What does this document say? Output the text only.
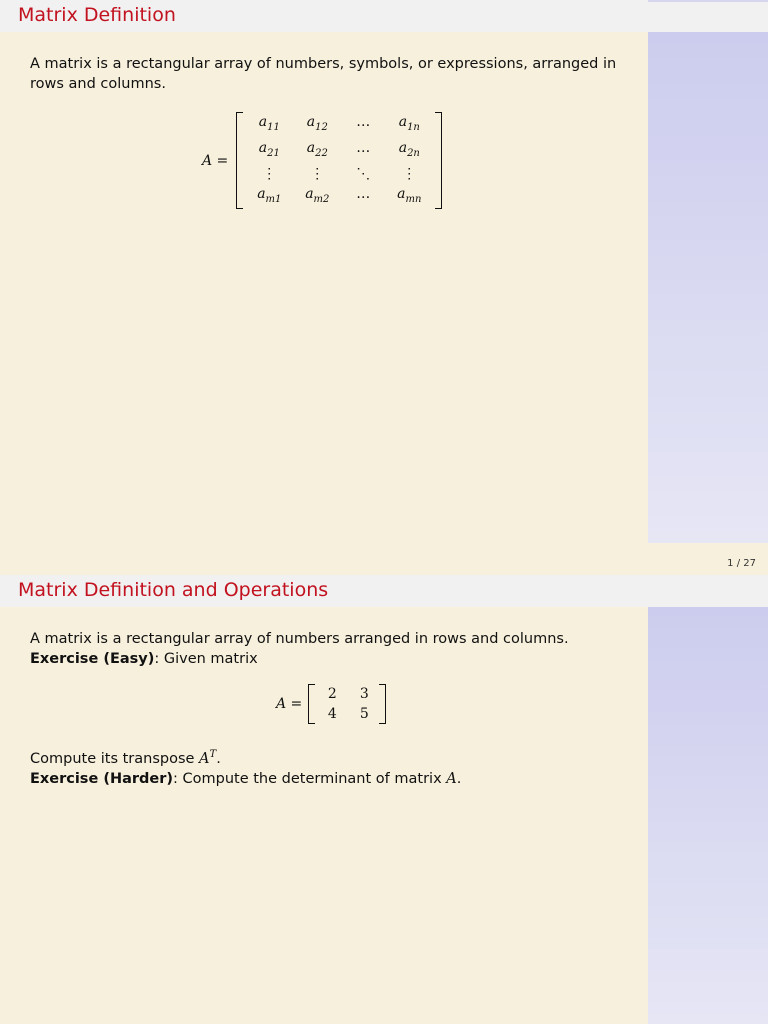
Matrix Definition
A matrix is a rectangular array of numbers, symbols, or expressions, arranged in rows and columns.
A =
$a_{11}$	$a_{12}$	…	$a_{1n}$
$a_{21}$	$a_{22}$	…	$a_{2n}$
⋮	⋮	⋱	⋮
$a_{m1}$	$a_{m2}$	…	$a_{mn}$
1 / 27
Matrix Definition and Operations
A matrix is a rectangular array of numbers arranged in rows and columns.
Exercise (Easy): Given matrix
A =
2	3
4	5
Compute its transpose $A^T$.
Exercise (Harder): Compute the determinant of matrix A.
